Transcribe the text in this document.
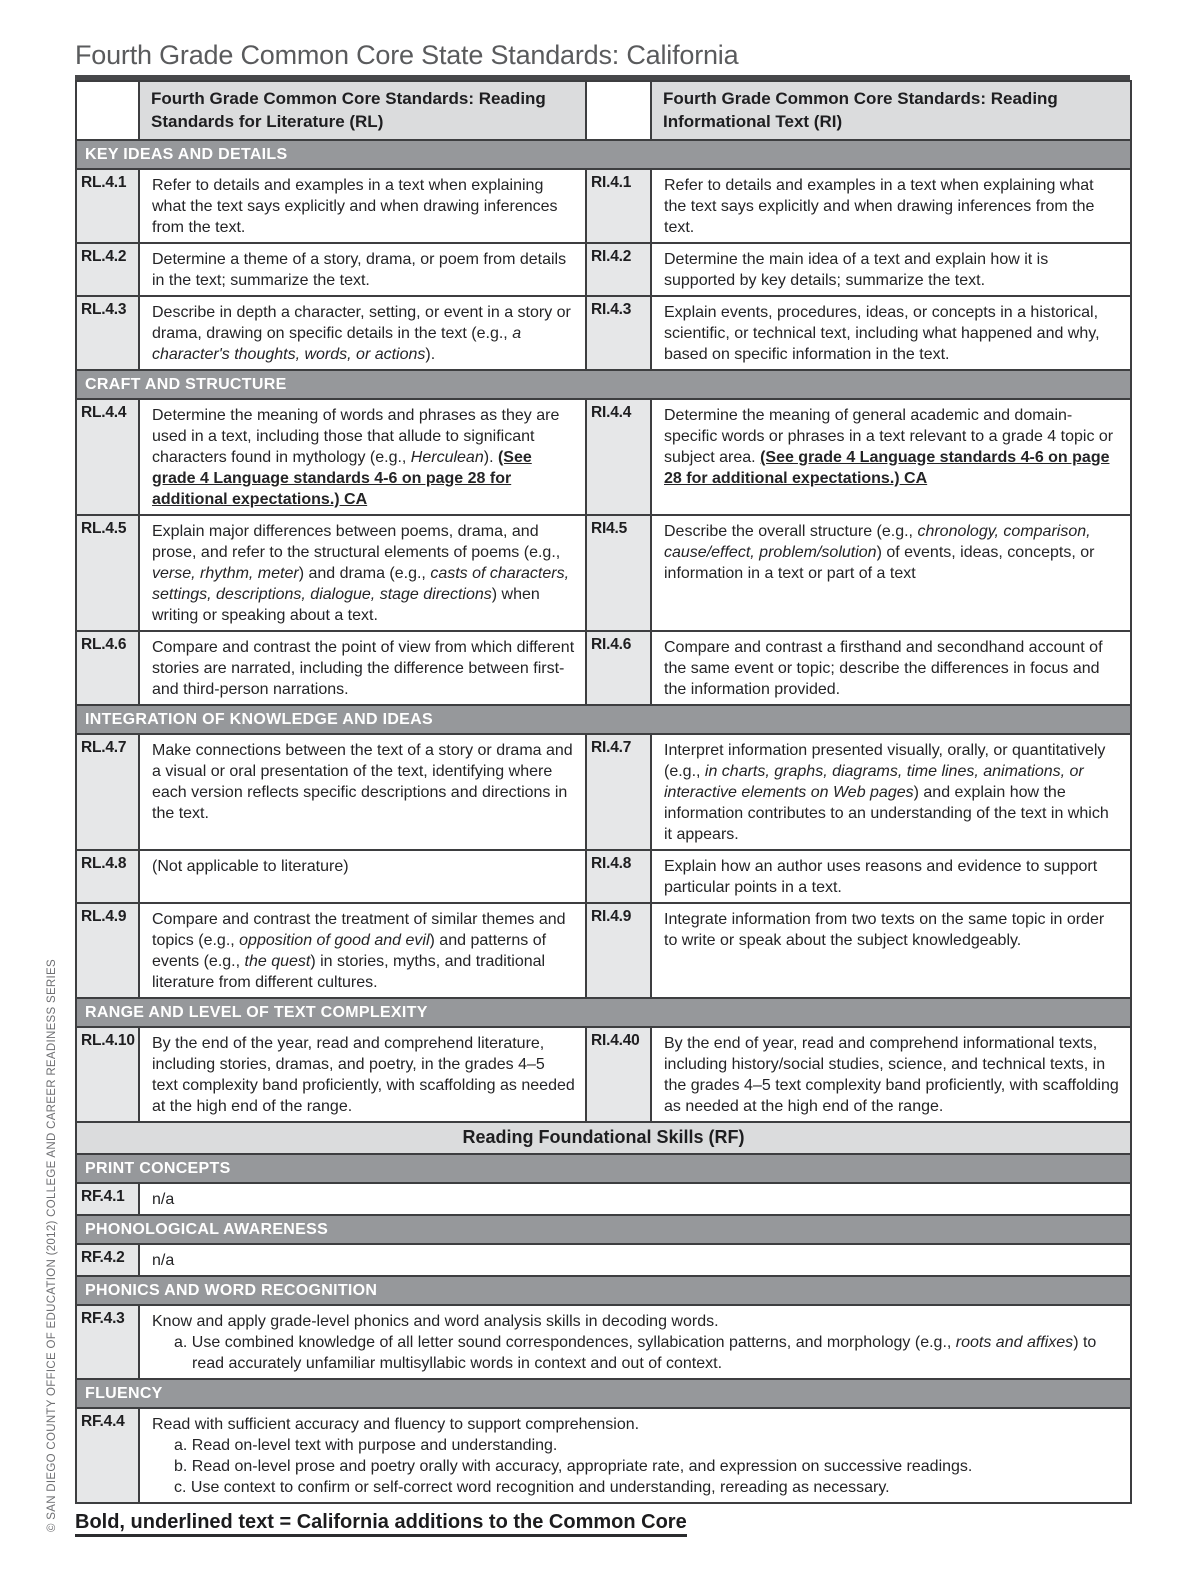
Fourth Grade Common Core State Standards: California
	Fourth Grade Common Core Standards: Reading Standards for Literature (RL)		Fourth Grade Common Core Standards: Reading Informational Text (RI)
KEY IDEAS AND DETAILS			
RL.4.1	Refer to details and examples in a text when explaining what the text says explicitly and when drawing inferences from the text.	RI.4.1	Refer to details and examples in a text when explaining what the text says explicitly and when drawing inferences from the text.
RL.4.2	Determine a theme of a story, drama, or poem from details in the text; summarize the text.	RI.4.2	Determine the main idea of a text and explain how it is supported by key details; summarize the text.
RL.4.3	Describe in depth a character, setting, or event in a story or drama, drawing on specific details in the text (e.g., a character's thoughts, words, or actions).	RI.4.3	Explain events, procedures, ideas, or concepts in a historical, scientific, or technical text, including what happened and why, based on specific information in the text.
CRAFT AND STRUCTURE			
RL.4.4	Determine the meaning of words and phrases as they are used in a text, including those that allude to significant characters found in mythology (e.g., Herculean). (See grade 4 Language standards 4-6 on page 28 for additional expectations.) CA	RI.4.4	Determine the meaning of general academic and domain-specific words or phrases in a text relevant to a grade 4 topic or subject area. (See grade 4 Language standards 4-6 on page 28 for additional expectations.) CA
RL.4.5	Explain major differences between poems, drama, and prose, and refer to the structural elements of poems (e.g., verse, rhythm, meter) and drama (e.g., casts of characters, settings, descriptions, dialogue, stage directions) when writing or speaking about a text.	RI4.5	Describe the overall structure (e.g., chronology, comparison, cause/effect, problem/solution) of events, ideas, concepts, or information in a text or part of a text
RL.4.6	Compare and contrast the point of view from which different stories are narrated, including the difference between first- and third-person narrations.	RI.4.6	Compare and contrast a firsthand and secondhand account of the same event or topic; describe the differences in focus and the information provided.
INTEGRATION OF KNOWLEDGE AND IDEAS			
RL.4.7	Make connections between the text of a story or drama and a visual or oral presentation of the text, identifying where each version reflects specific descriptions and directions in the text.	RI.4.7	Interpret information presented visually, orally, or quantitatively (e.g., in charts, graphs, diagrams, time lines, animations, or interactive elements on Web pages) and explain how the information contributes to an understanding of the text in which it appears.
RL.4.8	(Not applicable to literature)	RI.4.8	Explain how an author uses reasons and evidence to support particular points in a text.
RL.4.9	Compare and contrast the treatment of similar themes and topics (e.g., opposition of good and evil) and patterns of events (e.g., the quest) in stories, myths, and traditional literature from different cultures.	RI.4.9	Integrate information from two texts on the same topic in order to write or speak about the subject knowledgeably.
RANGE AND LEVEL OF TEXT COMPLEXITY			
RL.4.10	By the end of the year, read and comprehend literature, including stories, dramas, and poetry, in the grades 4–5 text complexity band proficiently, with scaffolding as needed at the high end of the range.	RI.4.40	By the end of year, read and comprehend informational texts, including history/social studies, science, and technical texts, in the grades 4–5 text complexity band proficiently, with scaffolding as needed at the high end of the range.
Reading Foundational Skills (RF)			
PRINT CONCEPTS			
RF.4.1	n/a		
PHONOLOGICAL AWARENESS			
RF.4.2	n/a		
PHONICS AND WORD RECOGNITION			
RF.4.3	Know and apply grade-level phonics and word analysis skills in decoding words.
a. Use combined knowledge of all letter sound correspondences, syllabication patterns, and morphology (e.g., roots and affixes) to read accurately unfamiliar multisyllabic words in context and out of context.		

FLUENCY			
RF.4.4	Read with sufficient accuracy and fluency to support comprehension.
a. Read on-level text with purpose and understanding.
b. Read on-level prose and poetry orally with accuracy, appropriate rate, and expression on successive readings.
c. Use context to confirm or self-correct word recognition and understanding, rereading as necessary.		
Bold, underlined text = California additions to the Common Core
© SAN DIEGO COUNTY OFFICE OF EDUCATION (2012) COLLEGE AND CAREER READINESS SERIES
